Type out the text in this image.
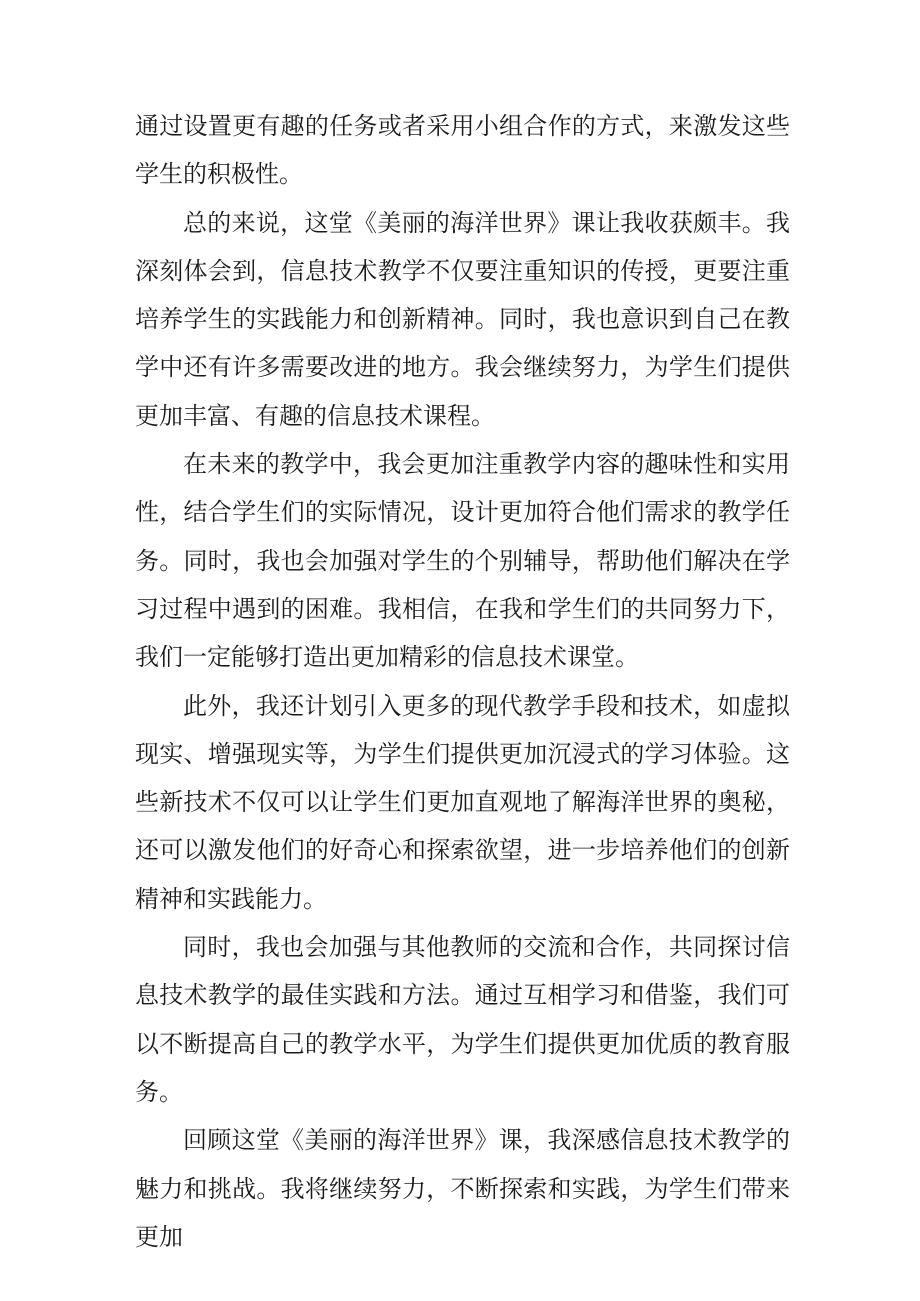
通过设置更有趣的任务或者采用小组合作的方式，来激发这些学生的积极性。

总的来说，这堂《美丽的海洋世界》课让我收获颇丰。我深刻体会到，信息技术教学不仅要注重知识的传授，更要注重培养学生的实践能力和创新精神。同时，我也意识到自己在教学中还有许多需要改进的地方。我会继续努力，为学生们提供更加丰富、有趣的信息技术课程。

在未来的教学中，我会更加注重教学内容的趣味性和实用性，结合学生们的实际情况，设计更加符合他们需求的教学任务。同时，我也会加强对学生的个别辅导，帮助他们解决在学习过程中遇到的困难。我相信，在我和学生们的共同努力下，我们一定能够打造出更加精彩的信息技术课堂。

此外，我还计划引入更多的现代教学手段和技术，如虚拟现实、增强现实等，为学生们提供更加沉浸式的学习体验。这些新技术不仅可以让学生们更加直观地了解海洋世界的奥秘，还可以激发他们的好奇心和探索欲望，进一步培养他们的创新精神和实践能力。

同时，我也会加强与其他教师的交流和合作，共同探讨信息技术教学的最佳实践和方法。通过互相学习和借鉴，我们可以不断提高自己的教学水平，为学生们提供更加优质的教育服务。

回顾这堂《美丽的海洋世界》课，我深感信息技术教学的魅力和挑战。我将继续努力，不断探索和实践，为学生们带来更加
